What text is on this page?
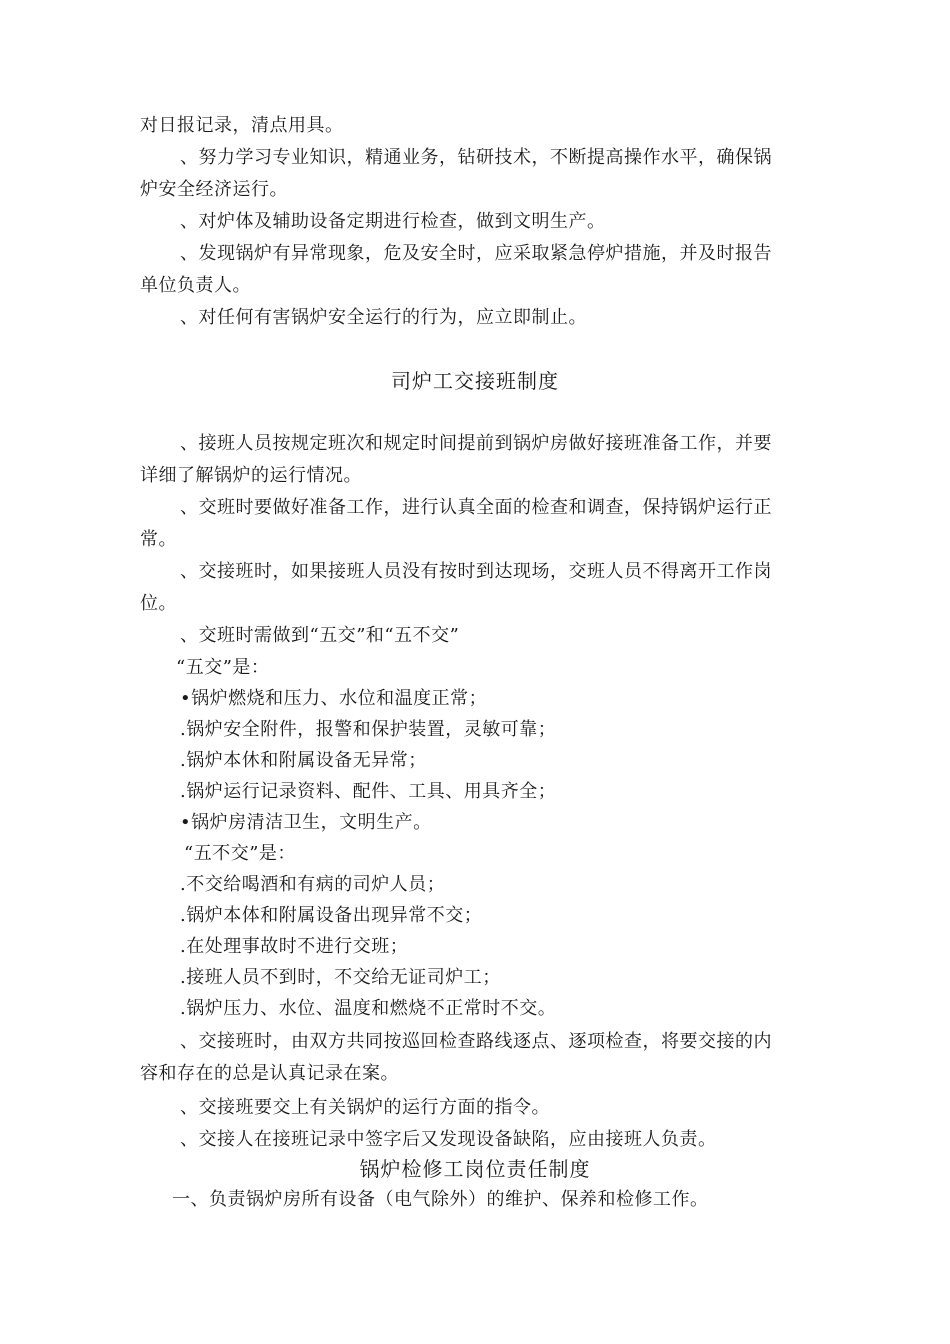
对日报记录，清点用具。
、努力学习专业知识，精通业务，钻研技术，不断提高操作水平，确保锅
炉安全经济运行。
、对炉体及辅助设备定期进行检查，做到文明生产。
、发现锅炉有异常现象，危及安全时，应采取紧急停炉措施，并及时报告
单位负责人。
、对任何有害锅炉安全运行的行为，应立即制止。
司炉工交接班制度
、接班人员按规定班次和规定时间提前到锅炉房做好接班准备工作，并要
详细了解锅炉的运行情况。
、交班时要做好准备工作，进行认真全面的检查和调查，保持锅炉运行正
常。
、交接班时，如果接班人员没有按时到达现场，交班人员不得离开工作岗
位。
、交班时需做到“五交”和“五不交”
“五交”是：
•锅炉燃烧和压力、水位和温度正常；
.锅炉安全附件，报警和保护装置，灵敏可靠；
.锅炉本休和附属设备无异常；
.锅炉运行记录资料、配件、工具、用具齐全；
•锅炉房清洁卫生，文明生产。
“五不交”是：
.不交给喝酒和有病的司炉人员；
.锅炉本体和附属设备出现异常不交；
.在处理事故时不进行交班；
.接班人员不到时，不交给无证司炉工；
.锅炉压力、水位、温度和燃烧不正常时不交。
、交接班时，由双方共同按巡回检查路线逐点、逐项检查，将要交接的内
容和存在的总是认真记录在案。
、交接班要交上有关锅炉的运行方面的指令。
、交接人在接班记录中签字后又发现设备缺陷，应由接班人负责。
锅炉检修工岗位责任制度
一、负责锅炉房所有设备（电气除外）的维护、保养和检修工作。
